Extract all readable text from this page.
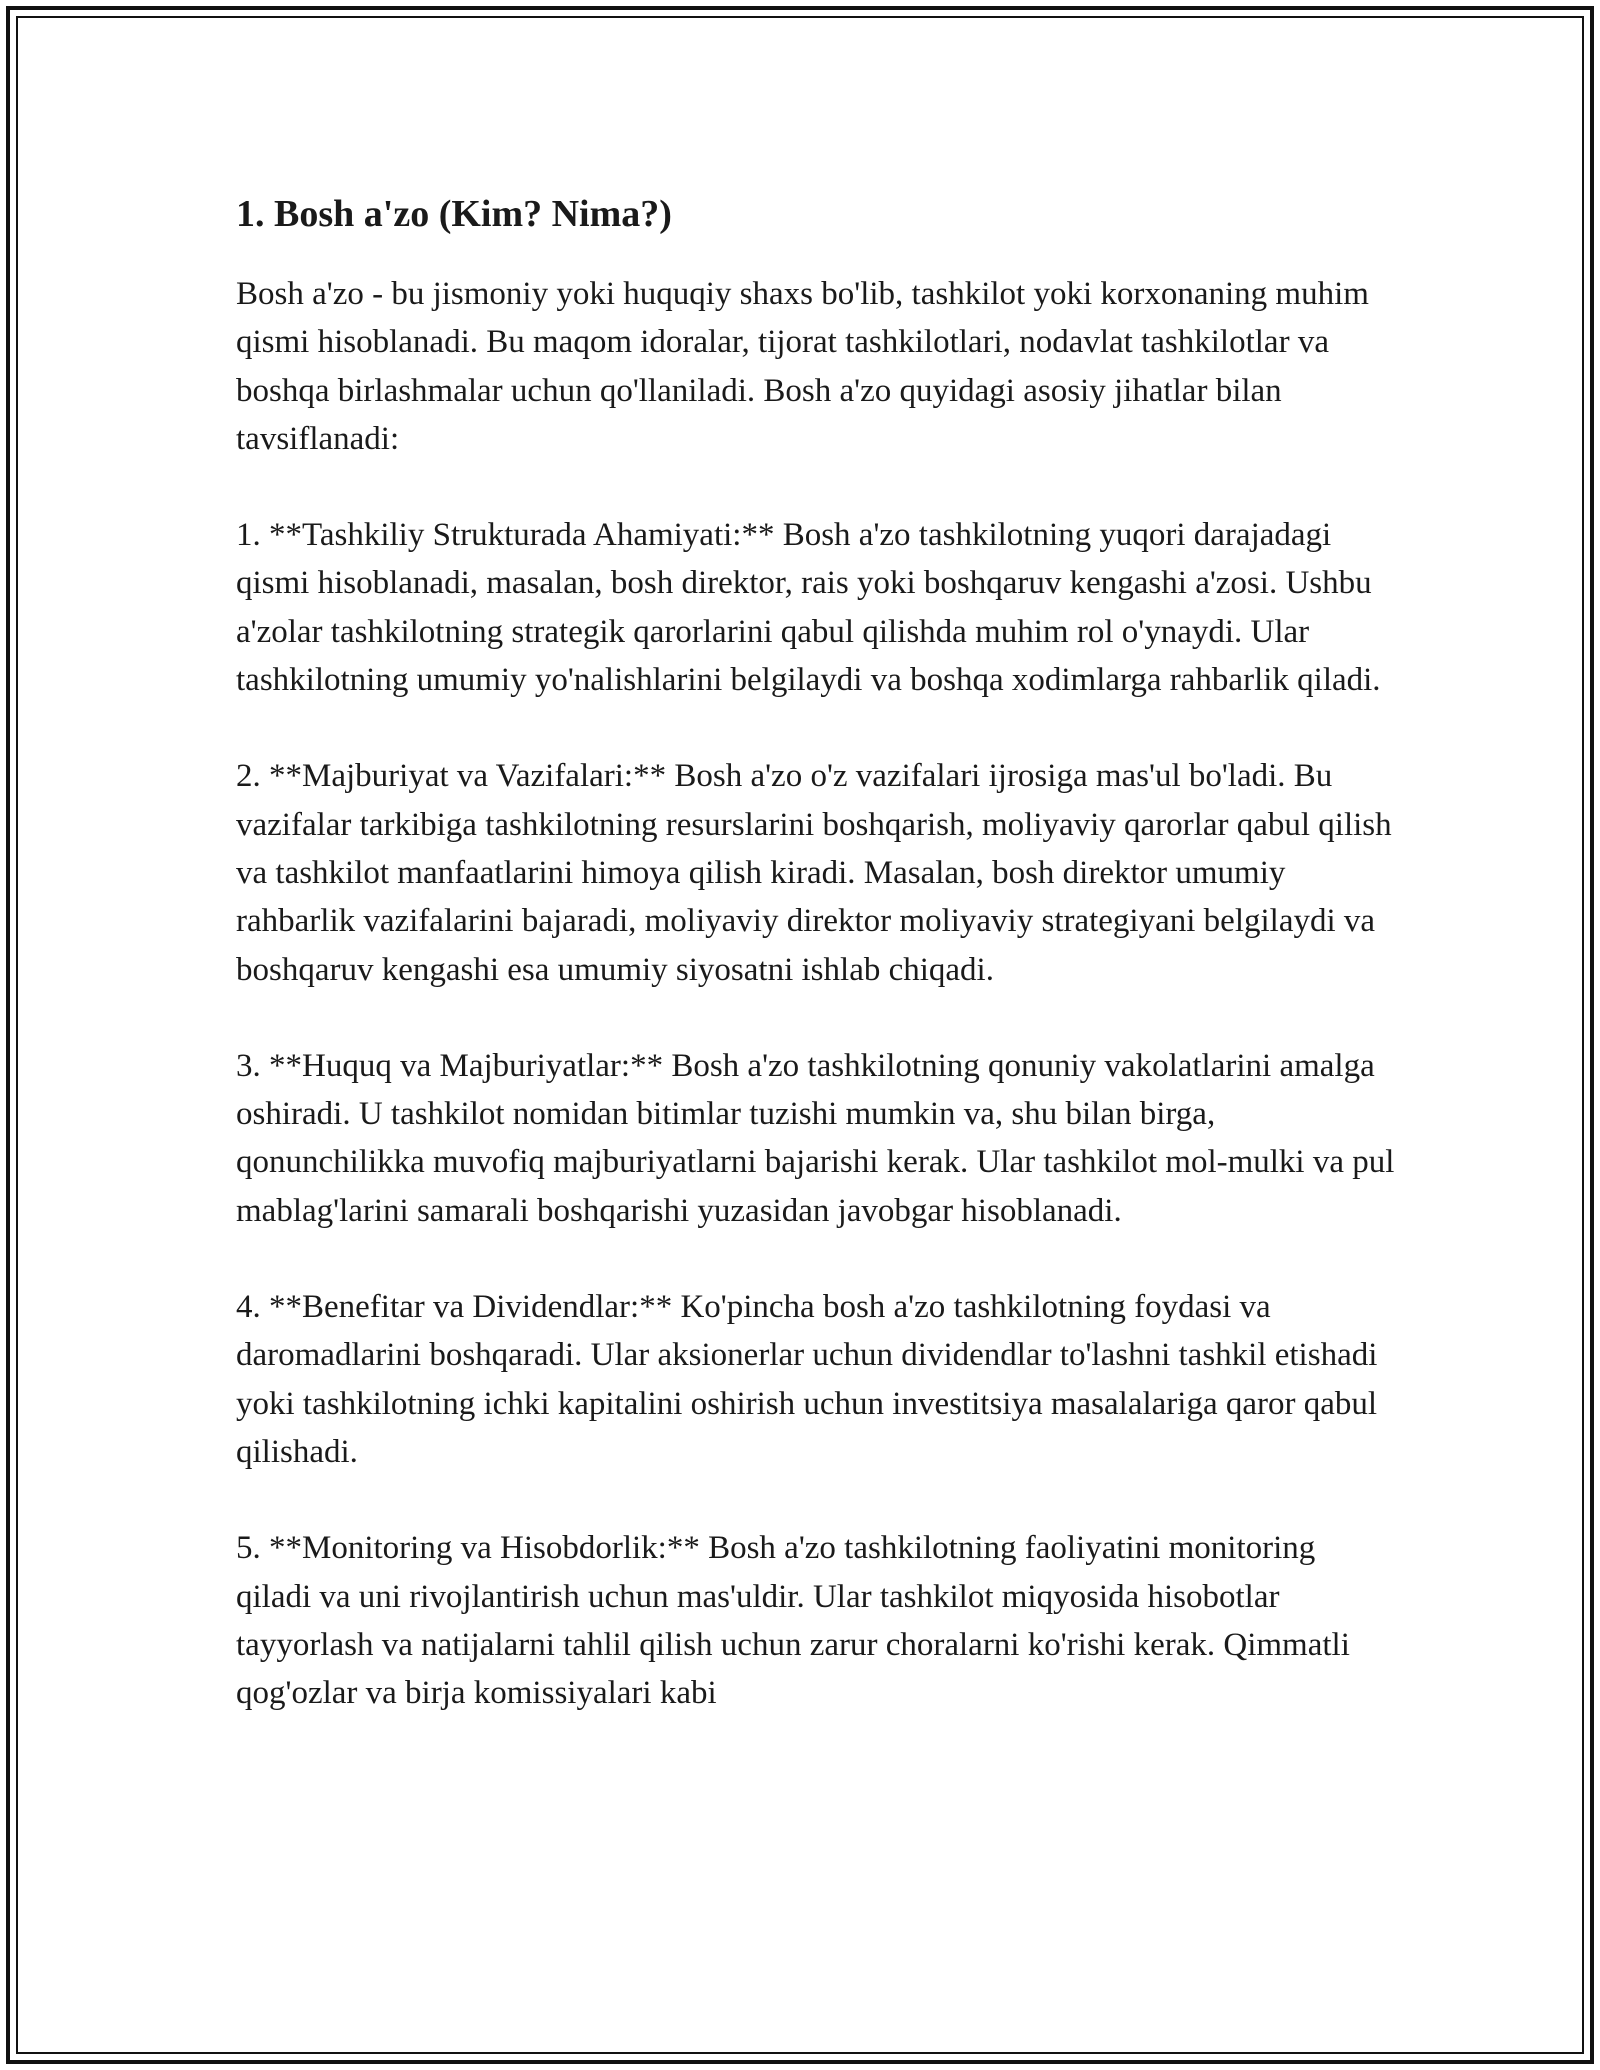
1. Bosh a'zo (Kim? Nima?)

Bosh a'zo - bu jismoniy yoki huquqiy shaxs bo'lib, tashkilot yoki korxonaning muhim qismi hisoblanadi. Bu maqom idoralar, tijorat tashkilotlari, nodavlat tashkilotlar va boshqa birlashmalar uchun qo'llaniladi. Bosh a'zo quyidagi asosiy jihatlar bilan tavsiflanadi:

1. **Tashkiliy Strukturada Ahamiyati:** Bosh a'zo tashkilotning yuqori darajadagi qismi hisoblanadi, masalan, bosh direktor, rais yoki boshqaruv kengashi a'zosi. Ushbu a'zolar tashkilotning strategik qarorlarini qabul qilishda muhim rol o'ynaydi. Ular tashkilotning umumiy yo'nalishlarini belgilaydi va boshqa xodimlarga rahbarlik qiladi.

2. **Majburiyat va Vazifalari:** Bosh a'zo o'z vazifalari ijrosiga mas'ul bo'ladi. Bu vazifalar tarkibiga tashkilotning resurslarini boshqarish, moliyaviy qarorlar qabul qilish va tashkilot manfaatlarini himoya qilish kiradi. Masalan, bosh direktor umumiy rahbarlik vazifalarini bajaradi, moliyaviy direktor moliyaviy strategiyani belgilaydi va boshqaruv kengashi esa umumiy siyosatni ishlab chiqadi.

3. **Huquq va Majburiyatlar:** Bosh a'zo tashkilotning qonuniy vakolatlarini amalga oshiradi. U tashkilot nomidan bitimlar tuzishi mumkin va, shu bilan birga, qonunchilikka muvofiq majburiyatlarni bajarishi kerak. Ular tashkilot mol-mulki va pul mablag'larini samarali boshqarishi yuzasidan javobgar hisoblanadi.

4. **Benefitar va Dividendlar:** Ko'pincha bosh a'zo tashkilotning foydasi va daromadlarini boshqaradi. Ular aksionerlar uchun dividendlar to'lashni tashkil etishadi yoki tashkilotning ichki kapitalini oshirish uchun investitsiya masalalariga qaror qabul qilishadi.

5. **Monitoring va Hisobdorlik:** Bosh a'zo tashkilotning faoliyatini monitoring qiladi va uni rivojlantirish uchun mas'uldir. Ular tashkilot miqyosida hisobotlar tayyorlash va natijalarni tahlil qilish uchun zarur choralarni ko'rishi kerak. Qimmatli qog'ozlar va birja komissiyalari kabi
